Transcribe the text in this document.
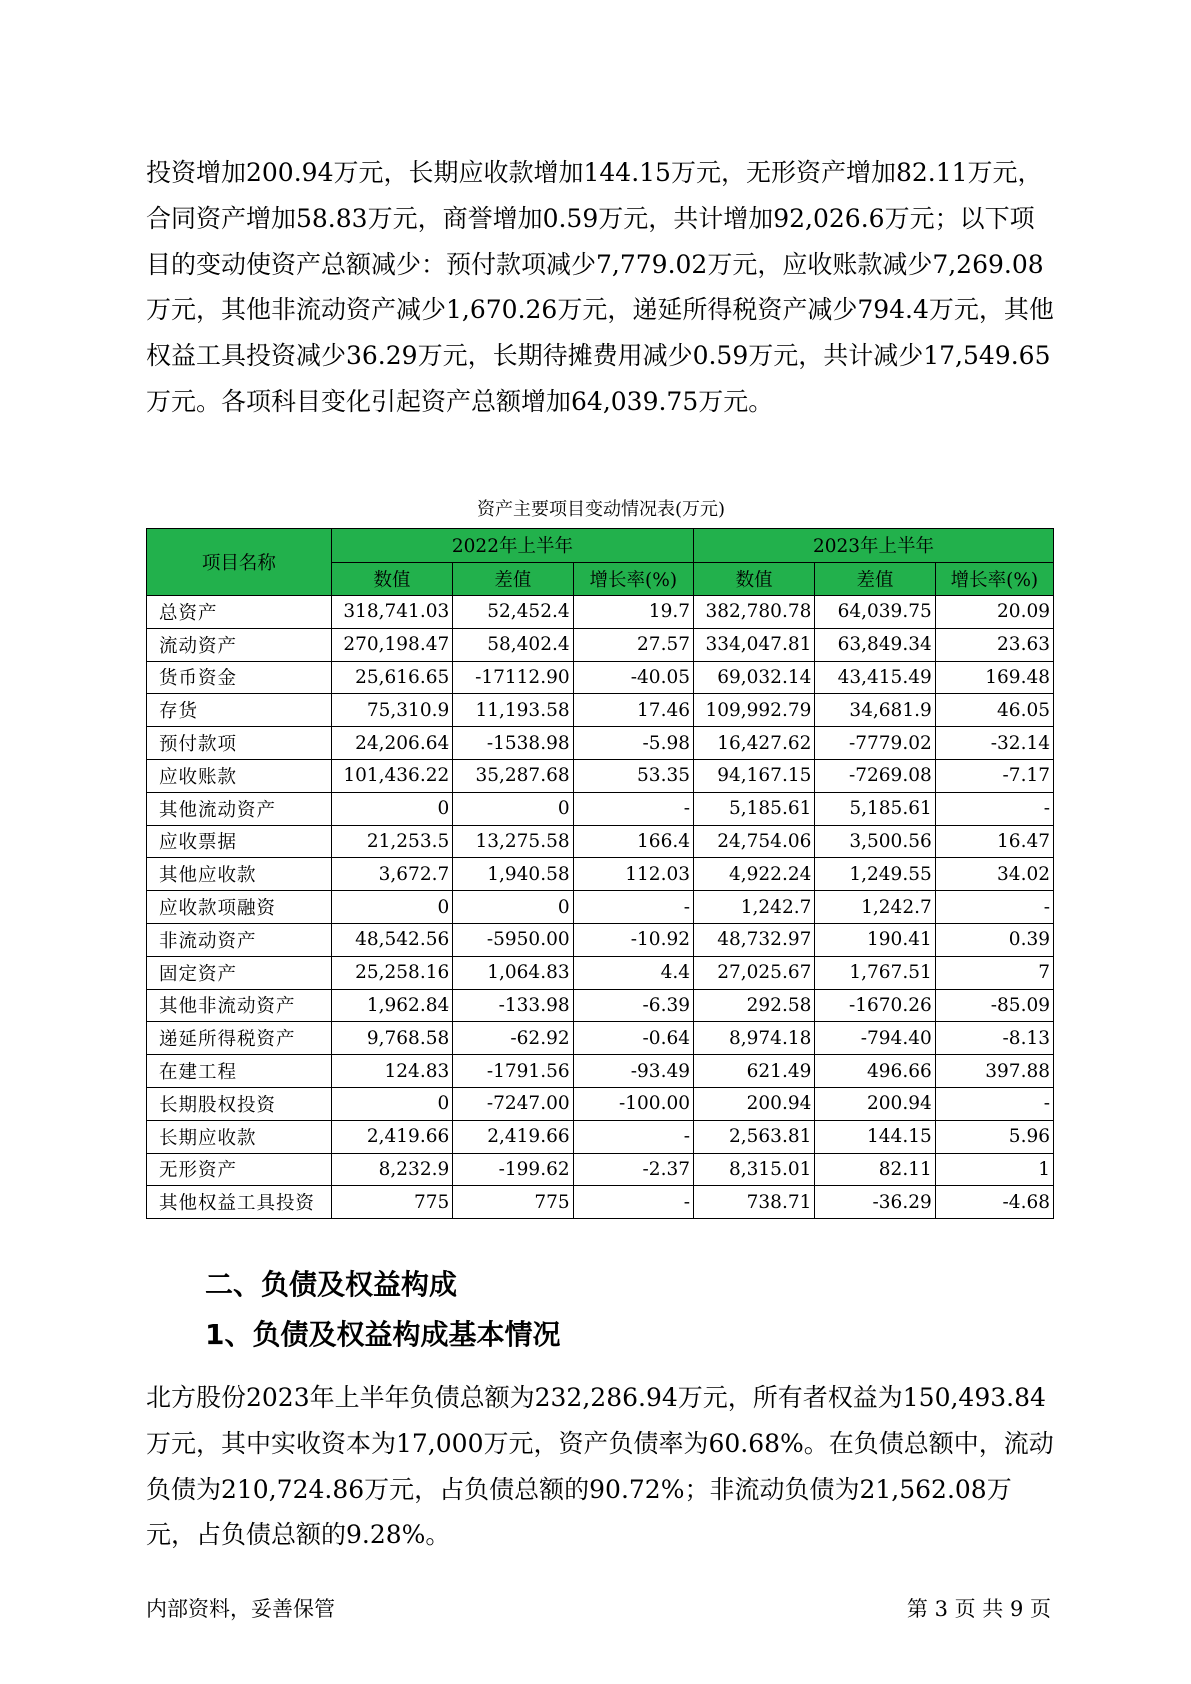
投资增加200.94万元，长期应收款增加144.15万元，无形资产增加82.11万元，合同资产增加58.83万元，商誉增加0.59万元，共计增加92,026.6万元；以下项目的变动使资产总额减少：预付款项减少7,779.02万元，应收账款减少7,269.08万元，其他非流动资产减少1,670.26万元，递延所得税资产减少794.4万元，其他权益工具投资减少36.29万元，长期待摊费用减少0.59万元，共计减少17,549.65万元。各项科目变化引起资产总额增加64,039.75万元。

资产主要项目变动情况表(万元)
项目名称	2022年上半年			2023年上半年		
	数值	差值	增长率(%)	数值	差值	增长率(%)
总资产	318,741.03	52,452.4	19.7	382,780.78	64,039.75	20.09
流动资产	270,198.47	58,402.4	27.57	334,047.81	63,849.34	23.63
货币资金	25,616.65	-17112.90	-40.05	69,032.14	43,415.49	169.48
存货	75,310.9	11,193.58	17.46	109,992.79	34,681.9	46.05
预付款项	24,206.64	-1538.98	-5.98	16,427.62	-7779.02	-32.14
应收账款	101,436.22	35,287.68	53.35	94,167.15	-7269.08	-7.17
其他流动资产	0	0	-	5,185.61	5,185.61	-
应收票据	21,253.5	13,275.58	166.4	24,754.06	3,500.56	16.47
其他应收款	3,672.7	1,940.58	112.03	4,922.24	1,249.55	34.02
应收款项融资	0	0	-	1,242.7	1,242.7	-
非流动资产	48,542.56	-5950.00	-10.92	48,732.97	190.41	0.39
固定资产	25,258.16	1,064.83	4.4	27,025.67	1,767.51	7
其他非流动资产	1,962.84	-133.98	-6.39	292.58	-1670.26	-85.09
递延所得税资产	9,768.58	-62.92	-0.64	8,974.18	-794.40	-8.13
在建工程	124.83	-1791.56	-93.49	621.49	496.66	397.88
长期股权投资	0	-7247.00	-100.00	200.94	200.94	-
长期应收款	2,419.66	2,419.66	-	2,563.81	144.15	5.96
无形资产	8,232.9	-199.62	-2.37	8,315.01	82.11	1
其他权益工具投资	775	775	-	738.71	-36.29	-4.68
二、负债及权益构成
1、负债及权益构成基本情况

北方股份2023年上半年负债总额为232,286.94万元，所有者权益为150,493.84万元，其中实收资本为17,000万元，资产负债率为60.68%。在负债总额中，流动负债为210,724.86万元，占负债总额的90.72%；非流动负债为21,562.08万元，占负债总额的9.28%。

内部资料，妥善保管	第 3 页 共 9 页
